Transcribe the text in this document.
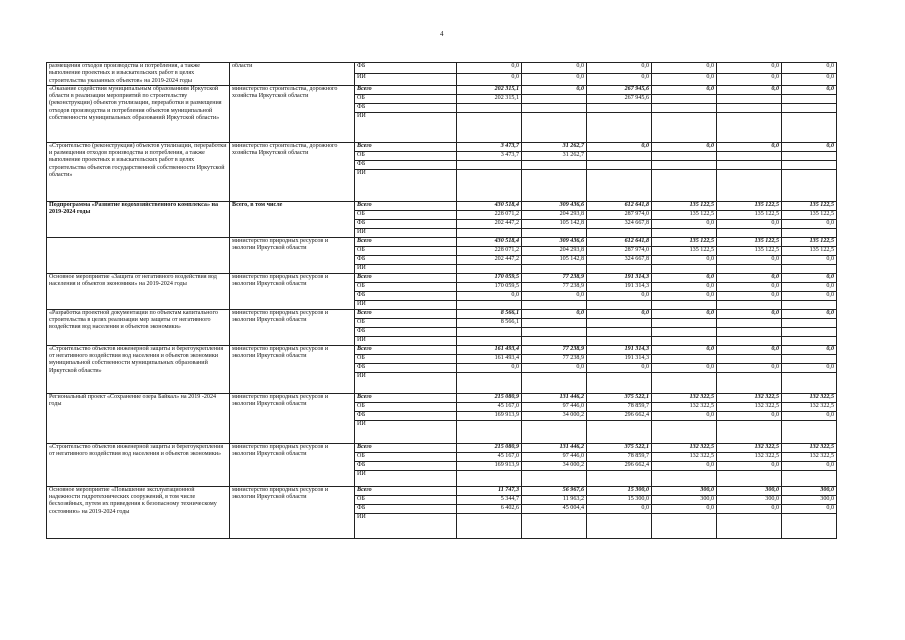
4
размещения отходов производства и потребления, а также выполнение проектных и изыскательских работ в целях строительства указанных объектов» на 2019-2024 годы	области	ФБ	0,0	0,0	0,0	0,0	0,0	0,0
		ИИ	0,0	0,0	0,0	0,0	0,0	0,0
«Оказание содействия муниципальным образованиям Иркутской области в реализации мероприятий по строительству (реконструкции) объектов утилизации, переработки и размещения отходов производства и потребления объектов муниципальной собственности муниципальных образований Иркутской области»	министерство строительства, дорожного хозяйства Иркутской области	Всего	202 315,1	0,0	267 945,6	0,0	0,0	0,0
		ОБ	202 315,1		267 945,6			
		ФБ						
		ИИ						
«Строительство (реконструкция) объектов утилизации, переработки и размещения отходов производства и потребления, а также выполнение проектных и изыскательских работ в целях строительства объектов государственной собственности Иркутской области»	министерство строительства, дорожного хозяйства Иркутской области	Всего	3 473,7	31 262,7	0,0	0,0	0,0	0,0
		ОБ	3 473,7	31 262,7				
		ФБ						
		ИИ						
Подпрограмма «Развитие водохозяйственного комплекса» на 2019-2024 годы	Всего, в том числе	Всего	430 518,4	309 436,6	612 641,8	135 122,5	135 122,5	135 122,5
		ОБ	228 071,2	204 293,8	287 974,0	135 122,5	135 122,5	135 122,5
		ФБ	202 447,2	105 142,8	324 667,8	0,0	0,0	0,0
		ИИ						
	министерство природных ресурсов и экологии Иркутской области	Всего	430 518,4	309 436,6	612 641,8	135 122,5	135 122,5	135 122,5
		ОБ	228 071,2	204 293,8	287 974,0	135 122,5	135 122,5	135 122,5
		ФБ	202 447,2	105 142,8	324 667,8	0,0	0,0	0,0
		ИИ						
Основное мероприятие «Защита от негативного воздействия вод населения и объектов экономики» на 2019-2024 годы	министерство природных ресурсов и экологии Иркутской области	Всего	170 059,5	77 238,9	191 314,3	0,0	0,0	0,0
		ОБ	170 059,5	77 238,9	191 314,3	0,0	0,0	0,0
		ФБ	0,0	0,0	0,0	0,0	0,0	0,0
		ИИ						
«Разработка проектной документации по объектам капитального строительства в целях реализации мер защиты от негативного воздействия вод населения и объектов экономики»	министерство природных ресурсов и экологии Иркутской области	Всего	8 566,1	0,0	0,0	0,0	0,0	0,0
		ОБ	8 566,1					
		ФБ						
		ИИ						
«Строительство объектов инженерной защиты и берегоукрепления от негативного воздействия вод населения и объектов экономики муниципальной собственности муниципальных образований Иркутской области»	министерство природных ресурсов и экологии Иркутской области	Всего	161 493,4	77 238,9	191 314,3	0,0	0,0	0,0
		ОБ	161 493,4	77 238,9	191 314,3			
		ФБ	0,0	0,0	0,0	0,0	0,0	0,0
		ИИ						
Региональный проект «Сохранение озера Байкал» на 2019 -2024 годы	министерство природных ресурсов и экологии Иркутской области	Всего	215 080,9	131 446,2	375 522,1	132 322,5	132 322,5	132 322,5
		ОБ	45 167,0	97 446,0	78 859,7	132 322,5	132 322,5	132 322,5
		ФБ	169 913,9	34 000,2	296 662,4	0,0	0,0	0,0
		ИИ						
«Строительство объектов инженерной защиты и берегоукрепления от негативного воздействия вод населения и объектов экономики»	министерство природных ресурсов и экологии Иркутской области	Всего	215 080,9	131 446,2	375 522,1	132 322,5	132 322,5	132 322,5
		ОБ	45 167,0	97 446,0	78 859,7	132 322,5	132 322,5	132 322,5
		ФБ	169 913,9	34 000,2	296 662,4	0,0	0,0	0,0
		ИИ						
Основное мероприятие «Повышение эксплуатационной надежности гидротехнических сооружений, в том числе бесхозяйных, путем их приведения к безопасному техническому состоянию» на 2019-2024 годы	министерство природных ресурсов и экологии Иркутской области	Всего	11 747,3	56 967,6	15 300,0	300,0	300,0	300,0
		ОБ	5 344,7	11 963,2	15 300,0	300,0	300,0	300,0
		ФБ	6 402,6	45 004,4	0,0	0,0	0,0	0,0
		ИИ						
